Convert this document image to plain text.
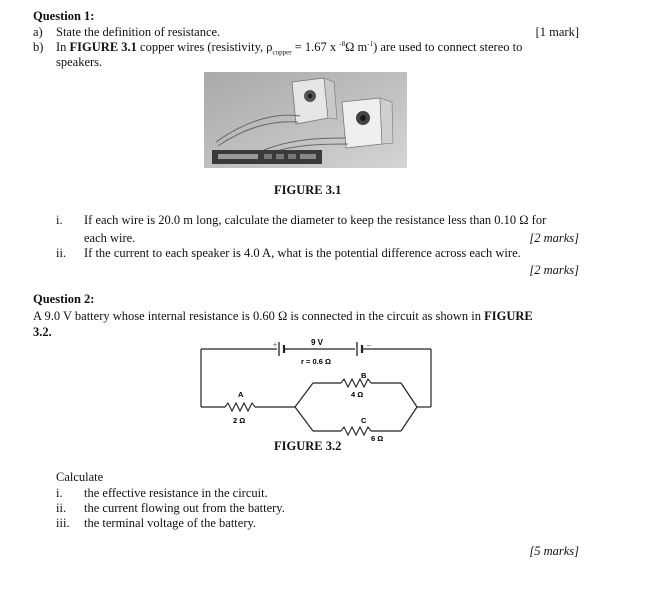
Question 1:
a) State the definition of resistance.	[1 mark]
b) In FIGURE 3.1 copper wires (resistivity, $\rho_{copper} = 1.67$ x $^{-8}$Ω $m^{-1}$) are used to connect stereo to
speakers.
FIGURE 3.1
i. If each wire is 20.0 m long, calculate the diameter to keep the resistance less than 0.10 Ω for
each wire.	[2 marks]
ii. If the current to each speaker is 4.0 A, what is the potential difference across each wire.
[2 marks]
Question 2:
A 9.0 V battery whose internal resistance is 0.60 Ω is connected in the circuit as shown in FIGURE
3.2.
+	–
9 V
r = 0.6 Ω
A
2 Ω
B
4 Ω
C
6 Ω
FIGURE 3.2
Calculate
i. the effective resistance in the circuit.
ii. the current flowing out from the battery.
iii. the terminal voltage of the battery.
[5 marks]
